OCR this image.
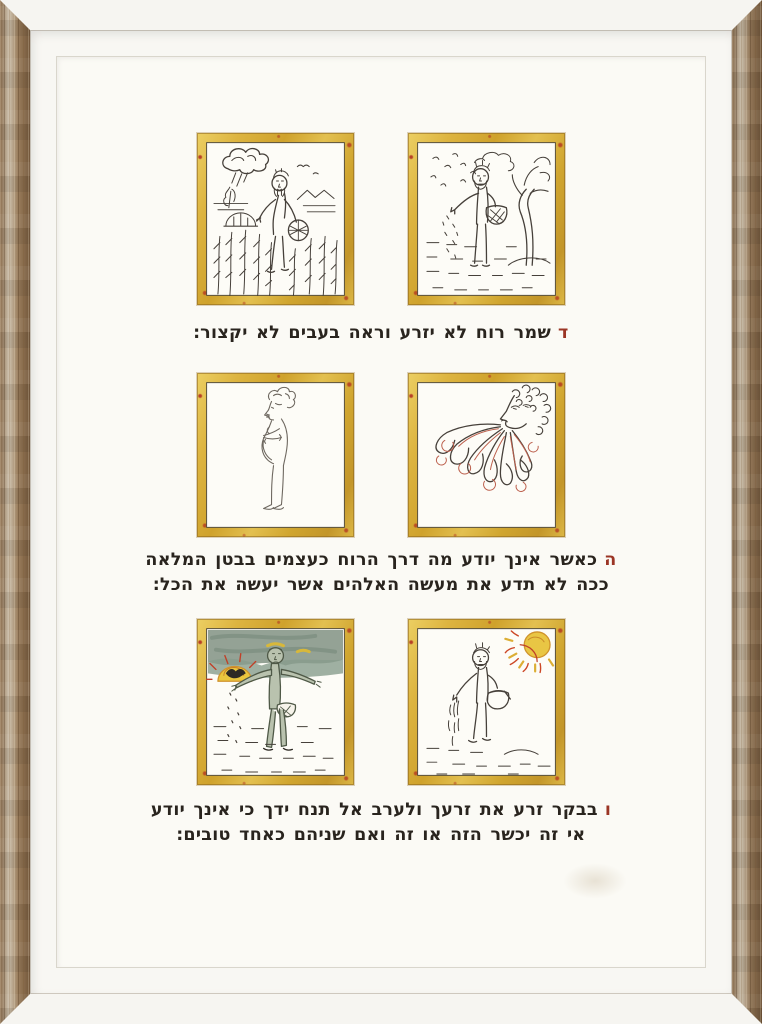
דשמר רוח לא יזרע וראה בעבים לא יקצור׃
הכאשר אינך יודע מה דרך הרוח כעצמים בבטן המלאה
ככה לא תדע את מעשה האלהים אשר יעשה את הכל׃
ובבקר זרע את זרעך ולערב אל תנח ידך כי אינך יודע
אי זה יכשר הזה או זה ואם שניהם כאחד טובים׃
